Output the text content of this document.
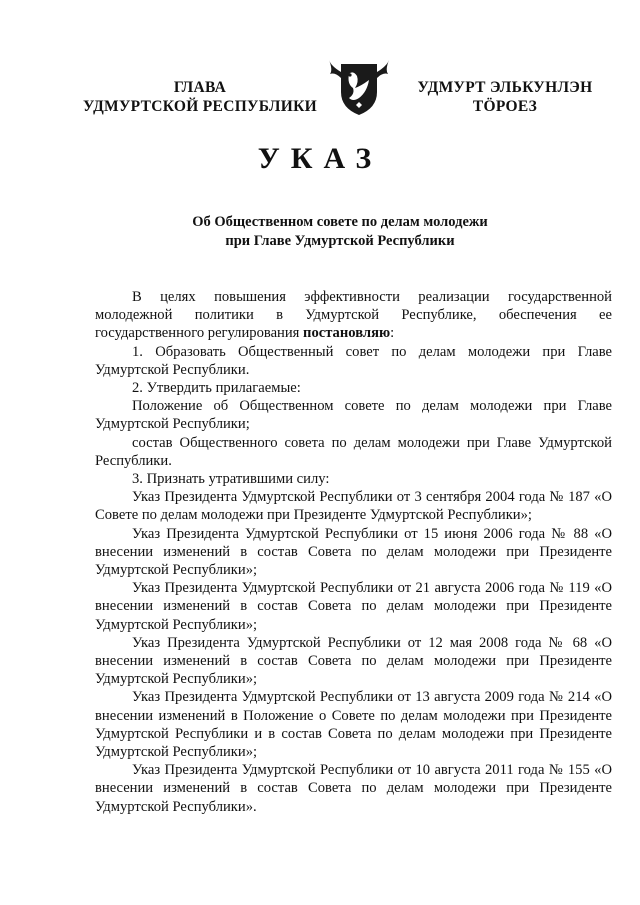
ГЛАВА
УДМУРТСКОЙ РЕСПУБЛИКИ
УДМУРТ ЭЛЬКУНЛЭН
ТӦРОЕЗ
УКАЗ
Об Общественном совете по делам молодежи
при Главе Удмуртской Республики

В целях повышения эффективности реализации государственной молодежной политики в Удмуртской Республике, обеспечения ее государственного регулирования постановляю:

1. Образовать Общественный совет по делам молодежи при Главе Удмуртской Республики.

2. Утвердить прилагаемые:

Положение об Общественном совете по делам молодежи при Главе Удмуртской Республики;

состав Общественного совета по делам молодежи при Главе Удмуртской Республики.

3. Признать утратившими силу:

Указ Президента Удмуртской Республики от 3 сентября 2004 года № 187 «О Совете по делам молодежи при Президенте Удмуртской Республики»;

Указ Президента Удмуртской Республики от 15 июня 2006 года № 88 «О внесении изменений в состав Совета по делам молодежи при Президенте Удмуртской Республики»;

Указ Президента Удмуртской Республики от 21 августа 2006 года № 119 «О внесении изменений в состав Совета по делам молодежи при Президенте Удмуртской Республики»;

Указ Президента Удмуртской Республики от 12 мая 2008 года № 68 «О внесении изменений в состав Совета по делам молодежи при Президенте Удмуртской Республики»;

Указ Президента Удмуртской Республики от 13 августа 2009 года № 214 «О внесении изменений в Положение о Совете по делам молодежи при Президенте Удмуртской Республики и в состав Совета по делам молодежи при Президенте Удмуртской Республики»;

Указ Президента Удмуртской Республики от 10 августа 2011 года № 155 «О внесении изменений в состав Совета по делам молодежи при Президенте Удмуртской Республики».
